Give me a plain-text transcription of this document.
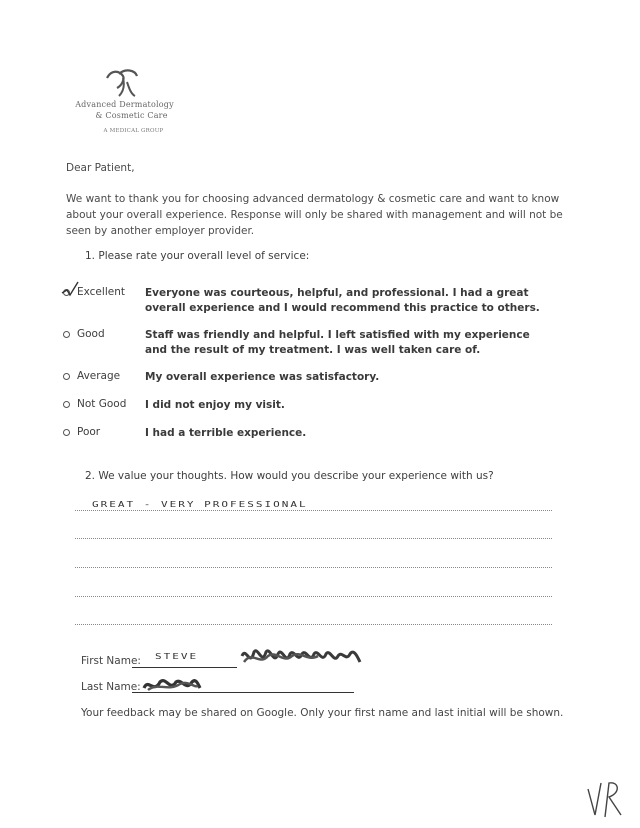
Advanced Dermatology
& Cosmetic Care
A MEDICAL GROUP
Dear Patient,
We want to thank you for choosing advanced dermatology & cosmetic care and want to know about your overall experience. Response will only be shared with management and will not be seen by another employer provider.
1. Please rate your overall level of service:
Excellent Everyone was courteous, helpful, and professional. I had a great overall experience and I would recommend this practice to others.
Good	Staff was friendly and helpful. I left satisfied with my experience and the result of my treatment. I was well taken care of.
Average My overall experience was satisfactory.
Not Good I did not enjoy my visit.
Poor	I had a terrible experience.
2. We value your thoughts. How would you describe your experience with us?
GREAT - VERY PROFESSIONAL
First Name: STEVE
Last Name:
Your feedback may be shared on Google. Only your first name and last initial will be shown.
